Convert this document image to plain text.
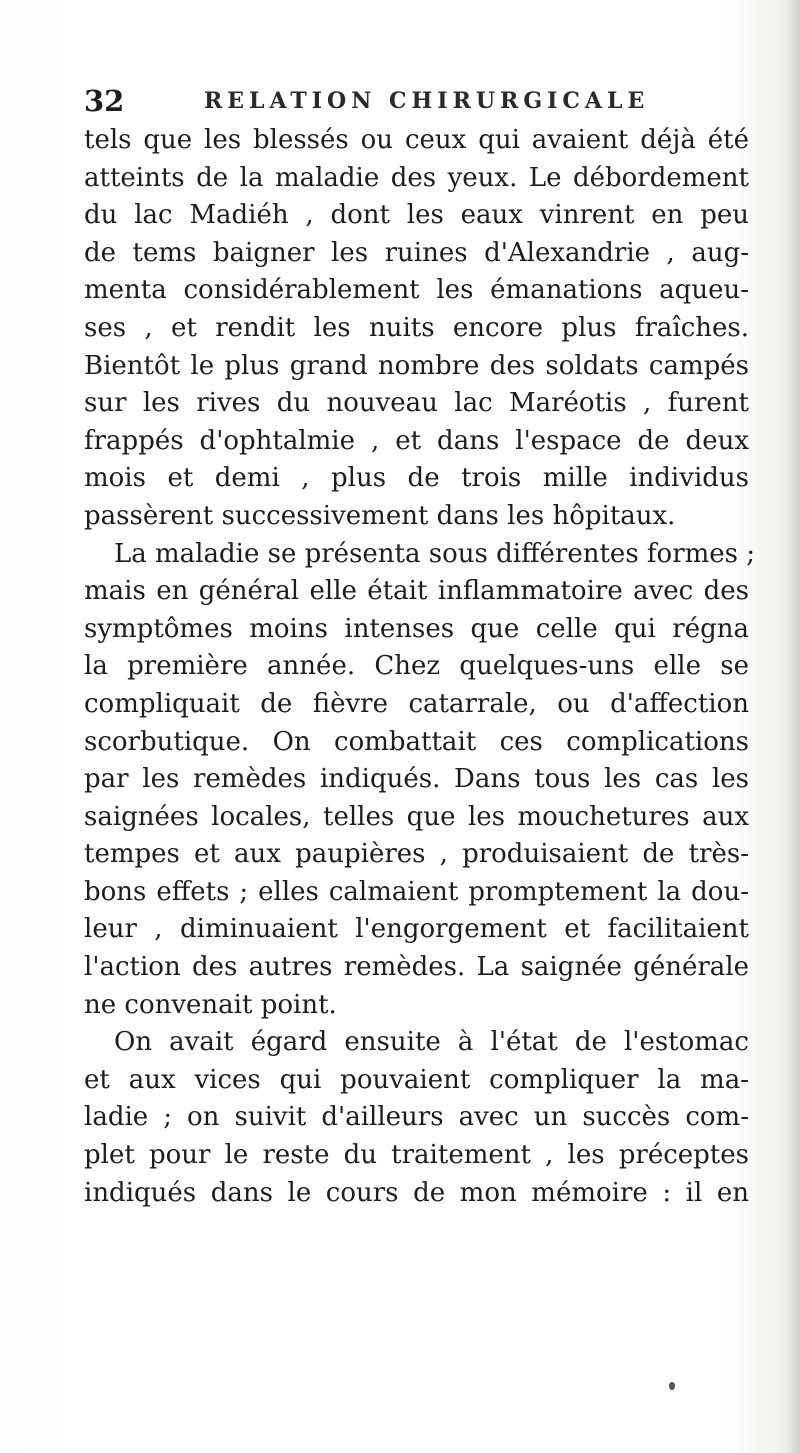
32	RELATION CHIRURGICALE
tels que les blessés ou ceux qui avaient déjà été
atteints de la maladie des yeux. Le débordement
du lac Madiéh , dont les eaux vinrent en peu
de tems baigner les ruines d'Alexandrie , aug-
menta considérablement les émanations aqueu-
ses , et rendit les nuits encore plus fraîches.
Bientôt le plus grand nombre des soldats campés
sur les rives du nouveau lac Maréotis , furent
frappés d'ophtalmie , et dans l'espace de deux
mois et demi , plus de trois mille individus
passèrent successivement dans les hôpitaux.
La maladie se présenta sous différentes formes ;
mais en général elle était inflammatoire avec des
symptômes moins intenses que celle qui régna
la première année. Chez quelques-uns elle se
compliquait de fièvre catarrale, ou d'affection
scorbutique. On combattait ces complications
par les remèdes indiqués. Dans tous les cas les
saignées locales, telles que les mouchetures aux
tempes et aux paupières , produisaient de très-
bons effets ; elles calmaient promptement la dou-
leur , diminuaient l'engorgement et facilitaient
l'action des autres remèdes. La saignée générale
ne convenait point.
On avait égard ensuite à l'état de l'estomac
et aux vices qui pouvaient compliquer la ma-
ladie ; on suivit d'ailleurs avec un succès com-
plet pour le reste du traitement , les préceptes
indiqués dans le cours de mon mémoire : il en
